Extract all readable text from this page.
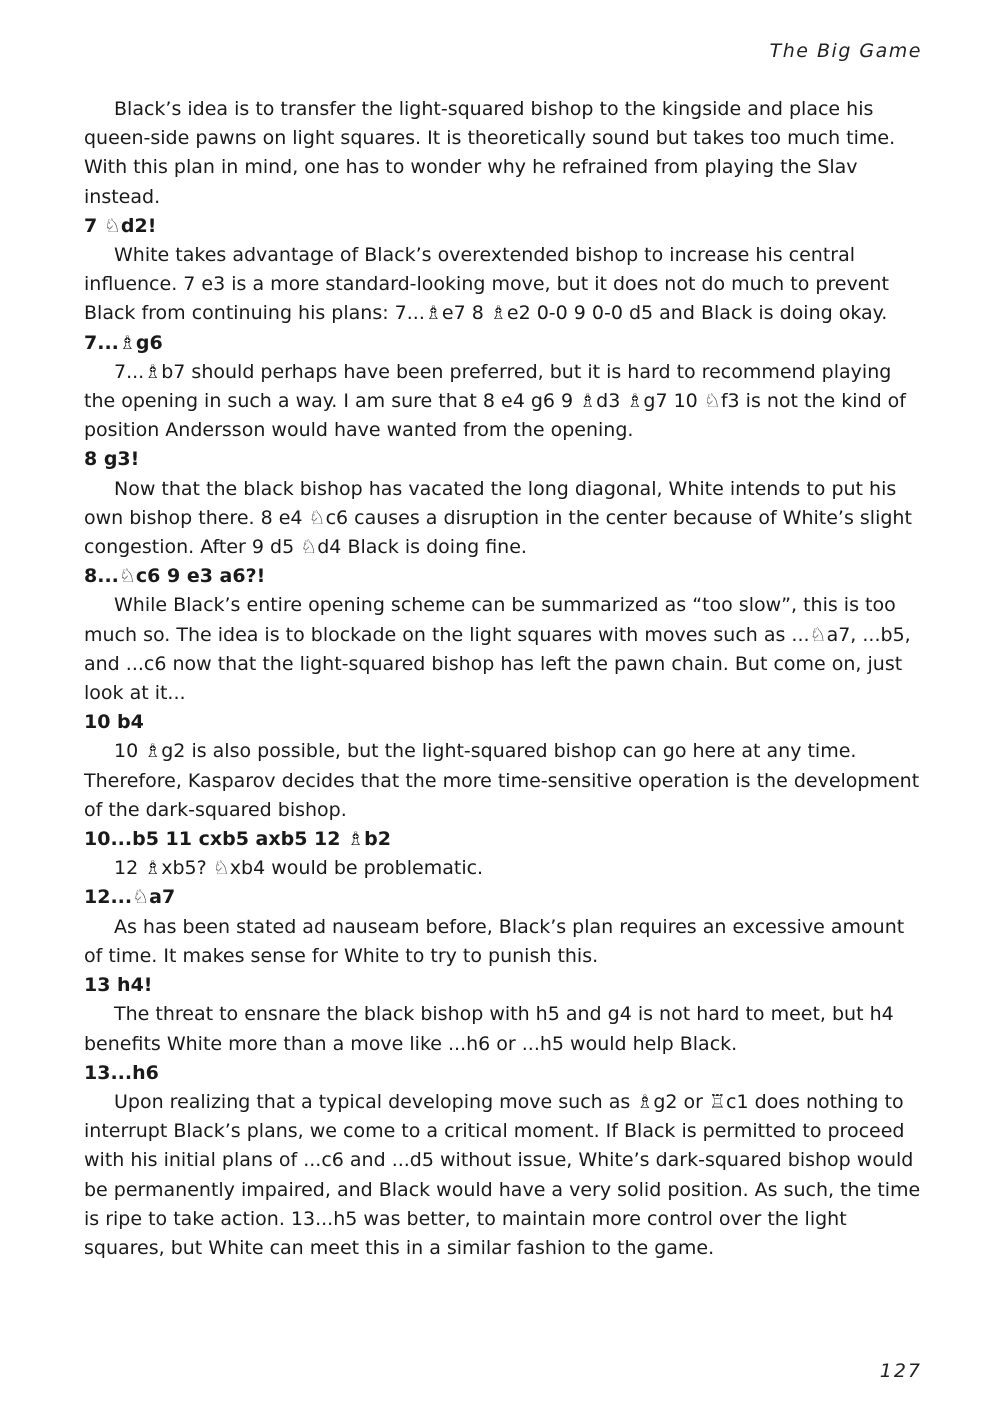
The Big Game

Black’s idea is to transfer the light-squared bishop to the kingside and place his queen-side pawns on light squares. It is theoretically sound but takes too much time. With this plan in mind, one has to wonder why he refrained from playing the Slav instead.

7 ♘d2!

White takes advantage of Black’s overextended bishop to increase his central influence. 7 e3 is a more standard-looking move, but it does not do much to prevent Black from continuing his plans: 7...♗e7 8 ♗e2 0-0 9 0-0 d5 and Black is doing okay.

7...♗g6

7...♗b7 should perhaps have been preferred, but it is hard to recommend playing the opening in such a way. I am sure that 8 e4 g6 9 ♗d3 ♗g7 10 ♘f3 is not the kind of position Andersson would have wanted from the opening.

8 g3!

Now that the black bishop has vacated the long diagonal, White intends to put his own bishop there. 8 e4 ♘c6 causes a disruption in the center because of White’s slight congestion. After 9 d5 ♘d4 Black is doing fine.

8...♘c6 9 e3 a6?!

While Black’s entire opening scheme can be summarized as “too slow”, this is too much so. The idea is to blockade on the light squares with moves such as ...♘a7, ...b5, and ...c6 now that the light-squared bishop has left the pawn chain. But come on, just look at it...

10 b4

10 ♗g2 is also possible, but the light-squared bishop can go here at any time. Therefore, Kasparov decides that the more time-sensitive operation is the development of the dark-squared bishop.

10...b5 11 cxb5 axb5 12 ♗b2

12 ♗xb5? ♘xb4 would be problematic.

12...♘a7

As has been stated ad nauseam before, Black’s plan requires an excessive amount of time. It makes sense for White to try to punish this.

13 h4!

The threat to ensnare the black bishop with h5 and g4 is not hard to meet, but h4 benefits White more than a move like ...h6 or ...h5 would help Black.

13...h6

Upon realizing that a typical developing move such as ♗g2 or ♖c1 does nothing to interrupt Black’s plans, we come to a critical moment. If Black is permitted to proceed with his initial plans of ...c6 and ...d5 without issue, White’s dark-squared bishop would be permanently impaired, and Black would have a very solid position. As such, the time is ripe to take action. 13...h5 was better, to maintain more control over the light squares, but White can meet this in a similar fashion to the game.

127
